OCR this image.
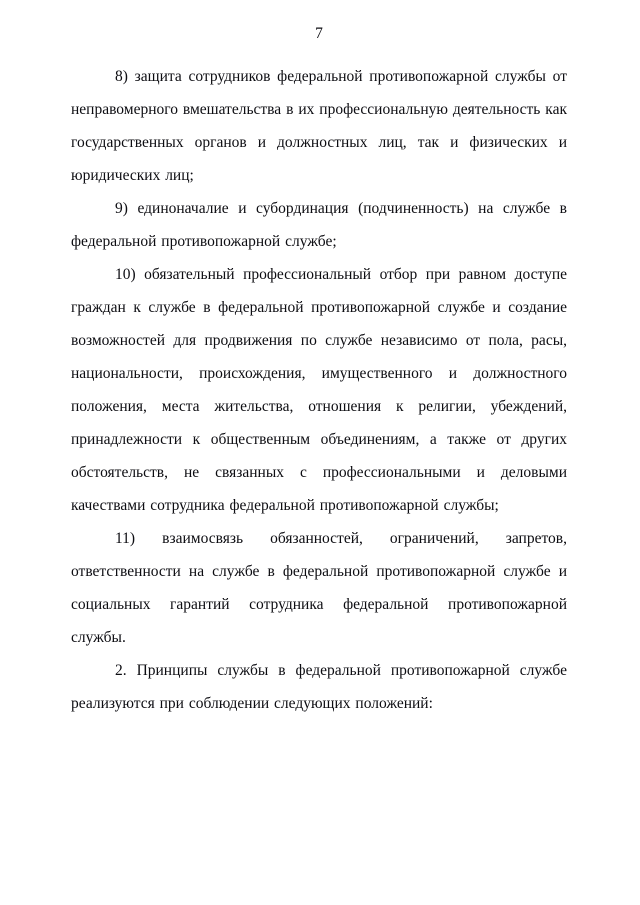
7

8) защита сотрудников федеральной противопожарной службы от неправомерного вмешательства в их профессиональную деятельность как государственных органов и должностных лиц, так и физических и юридических лиц;

9) единоначалие и субординация (подчиненность) на службе в федеральной противопожарной службе;

10) обязательный профессиональный отбор при равном доступе граждан к службе в федеральной противопожарной службе и создание возможностей для продвижения по службе независимо от пола, расы, национальности, происхождения, имущественного и должностного положения, места жительства, отношения к религии, убеждений, принадлежности к общественным объединениям, а также от других обстоятельств, не связанных с профессиональными и деловыми качествами сотрудника федеральной противопожарной службы;

11) взаимосвязь обязанностей, ограничений, запретов, ответственности на службе в федеральной противопожарной службе и социальных гарантий сотрудника федеральной противопожарной службы.

2. Принципы службы в федеральной противопожарной службе реализуются при соблюдении следующих положений:
